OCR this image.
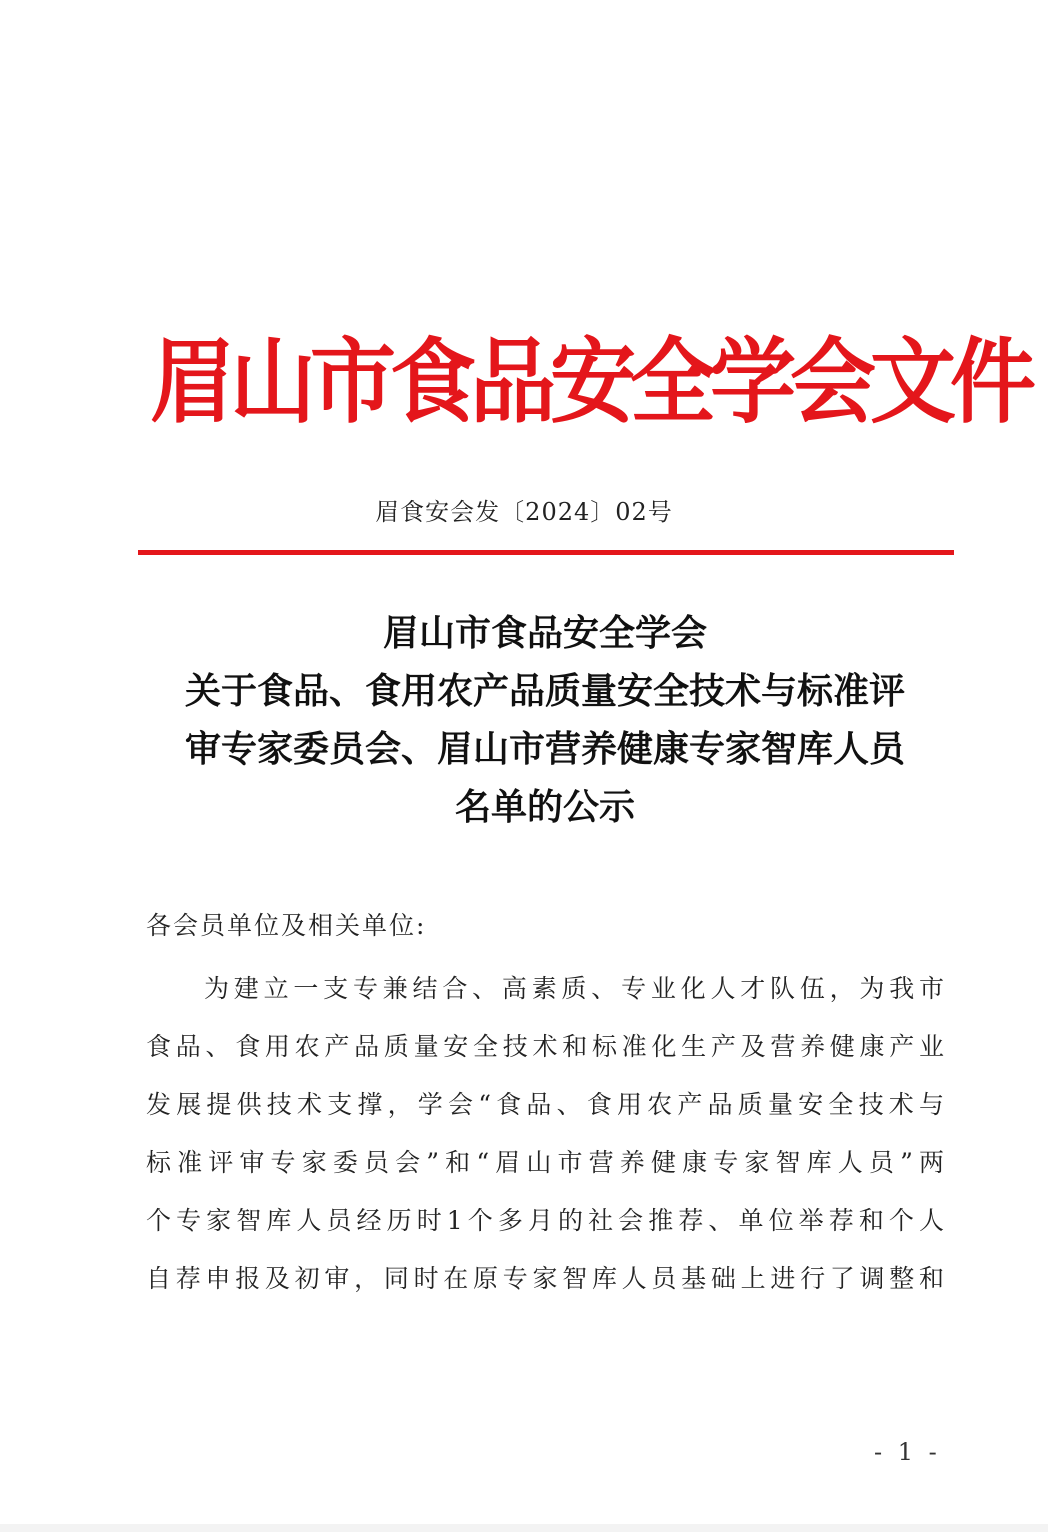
眉山市食品安全学会文件
眉食安会发〔2024〕02号
眉山市食品安全学会
关于食品、食用农产品质量安全技术与标准评
审专家委员会、眉山市营养健康专家智库人员
名单的公示
各会员单位及相关单位:
为建立一支专兼结合、高素质、专业化人才队伍，为我市
食品、食用农产品质量安全技术和标准化生产及营养健康产业
发展提供技术支撑，学会“食品、食用农产品质量安全技术与
标准评审专家委员会”和“眉山市营养健康专家智库人员”两
个专家智库人员经历时1个多月的社会推荐、单位举荐和个人
自荐申报及初审，同时在原专家智库人员基础上进行了调整和
- 1 -
